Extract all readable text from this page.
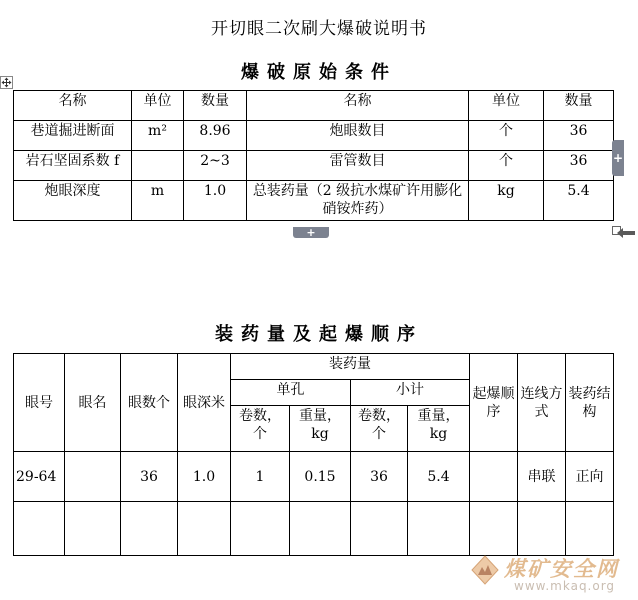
开切眼二次刷大爆破说明书
爆破原始条件
名称	单位	数量	名称	单位	数量
巷道掘进断面	m²	8.96	炮眼数目	个	36
岩石坚固系数 f		2~3	雷管数目	个	36
炮眼深度	m	1.0	总装药量（2 级抗水煤矿许用膨化硝铵炸药）	kg	5.4
+
+
装药量及起爆顺序
眼号	眼名	眼数个	眼深米	装药量				起爆顺序	连线方式	装药结构
				单孔		小计				
				卷数，个	重量，kg	卷数，个	重量，kg			
29-64		36	1.0	1	0.15	36	5.4		串联	正向

煤矿安全网
www.mkaq.org
